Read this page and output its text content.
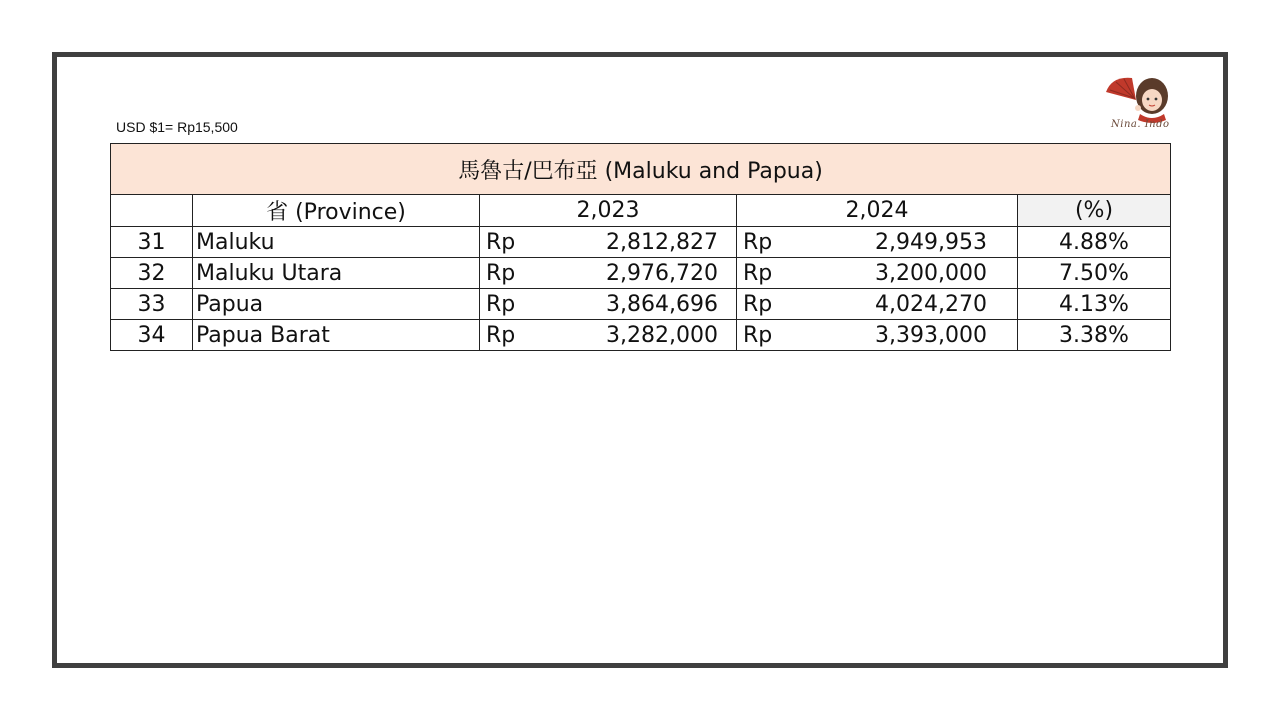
USD $1= Rp15,500	Nina. Indo
馬魯古/巴布亞 (Maluku and Papua)				
	省 (Province)	2,023	2,024	(%)
31	Maluku	Rp 2,812,827	Rp 2,949,953	4.88%
32	Maluku Utara	Rp 2,976,720	Rp 3,200,000	7.50%
33	Papua	Rp 3,864,696	Rp 4,024,270	4.13%
34	Papua Barat	Rp 3,282,000	Rp 3,393,000	3.38%
